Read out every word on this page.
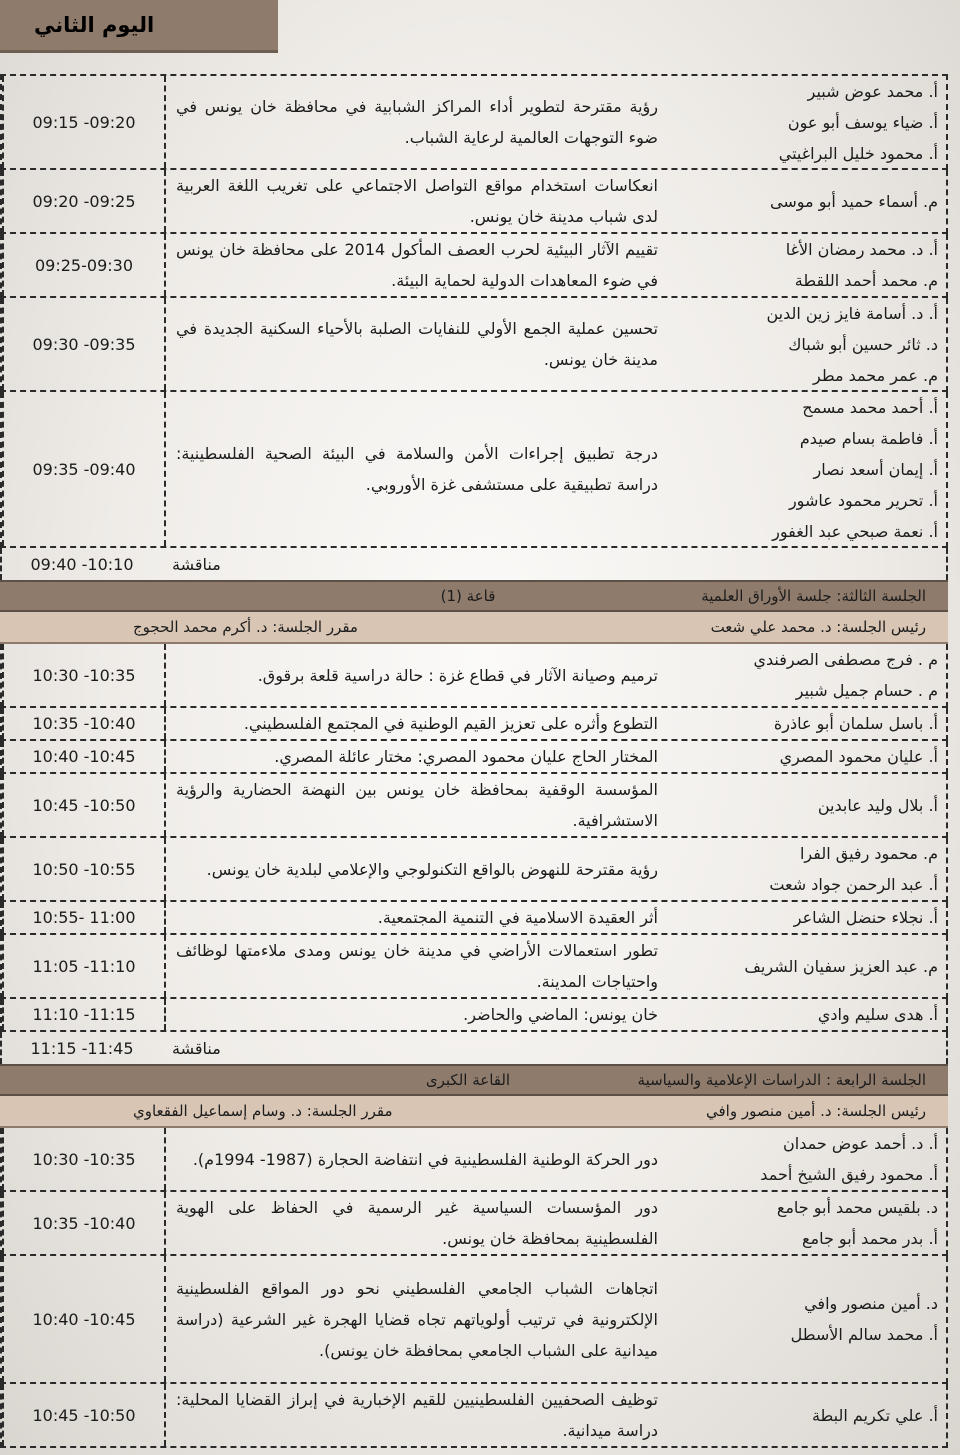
اليوم الثاني
09:15 -09:20
رؤية مقترحة لتطوير أداء المراكز الشبابية في محافظة خان يونس في ضوء التوجهات العالمية لرعاية الشباب.
أ. محمد عوض شبير
أ. ضياء يوسف أبو عون
أ. محمود خليل البراغيتي
09:20 -09:25
انعكاسات استخدام مواقع التواصل الاجتماعي على تغريب اللغة العربية لدى شباب مدينة خان يونس.
م. أسماء حميد أبو موسى
09:25-09:30
تقييم الآثار البيئية لحرب العصف المأكول 2014 على محافظة خان يونس في ضوء المعاهدات الدولية لحماية البيئة.
أ. د. محمد رمضان الأغا
م. محمد أحمد اللقطة
09:30 -09:35
تحسين عملية الجمع الأولي للنفايات الصلبة بالأحياء السكنية الجديدة في مدينة خان يونس.
أ. د. أسامة فايز زين الدين
د. ثائر حسين أبو شباك
م. عمر محمد مطر
09:35 -09:40
درجة تطبيق إجراءات الأمن والسلامة في البيئة الصحية الفلسطينية: دراسة تطبيقية على مستشفى غزة الأوروبي.
أ. أحمد محمد مسمح
أ. فاطمة بسام صيدم
أ. إيمان أسعد نصار
أ. تحرير محمود عاشور
أ. نعمة صبحي عبد الغفور
09:40 -10:10	مناقشة
قاعة (1)	الجلسة الثالثة: جلسة الأوراق العلمية
رئيس الجلسة: د. محمد علي شعت
مقرر الجلسة: د. أكرم محمد الحجوج
10:30 -10:35	ترميم وصيانة الآثار في قطاع غزة : حالة دراسية قلعة برقوق.
م . فرج مصطفى الصرفندي
م . حسام جميل شبير
10:35 -10:40	التطوع وأثره على تعزيز القيم الوطنية في المجتمع الفلسطيني.	أ. باسل سلمان أبو عاذرة
10:40 -10:45	المختار الحاج عليان محمود المصري: مختار عائلة المصري.	أ. عليان محمود المصري
10:45 -10:50
المؤسسة الوقفية بمحافظة خان يونس بين النهضة الحضارية والرؤية الاستشرافية.
أ. بلال وليد عابدين
10:50 -10:55	رؤية مقترحة للنهوض بالواقع التكنولوجي والإعلامي لبلدية خان يونس.
م. محمود رفيق الفرا
أ. عبد الرحمن جواد شعت
10:55- 11:00	أثر العقيدة الاسلامية في التنمية المجتمعية.	أ. نجلاء حنضل الشاعر
11:05 -11:10
تطور استعمالات الأراضي في مدينة خان يونس ومدى ملاءمتها لوظائف واحتياجات المدينة.
م. عبد العزيز سفيان الشريف
11:10 -11:15	خان يونس: الماضي والحاضر.	أ. هدى سليم وادي
11:15 -11:45	مناقشة
القاعة الكبرى	الجلسة الرابعة : الدراسات الإعلامية والسياسية
رئيس الجلسة: د. أمين منصور وافي
مقرر الجلسة: د. وسام إسماعيل الفقعاوي
10:30 -10:35	دور الحركة الوطنية الفلسطينية في انتفاضة الحجارة (1987- 1994م).
أ. د. أحمد عوض حمدان
أ. محمود رفيق الشيخ أحمد
10:35 -10:40
دور المؤسسات السياسية غير الرسمية في الحفاظ على الهوية الفلسطينية بمحافظة خان يونس.
د. بلقيس محمد أبو جامع
أ. بدر محمد أبو جامع
10:40 -10:45
اتجاهات الشباب الجامعي الفلسطيني نحو دور المواقع الفلسطينية الإلكترونية في ترتيب أولوياتهم تجاه قضايا الهجرة غير الشرعية (دراسة ميدانية على الشباب الجامعي بمحافظة خان يونس).
د. أمين منصور وافي
أ. محمد سالم الأسطل
10:45 -10:50
توظيف الصحفيين الفلسطينيين للقيم الإخبارية في إبراز القضايا المحلية: دراسة ميدانية.
أ. علي تكريم البطة
